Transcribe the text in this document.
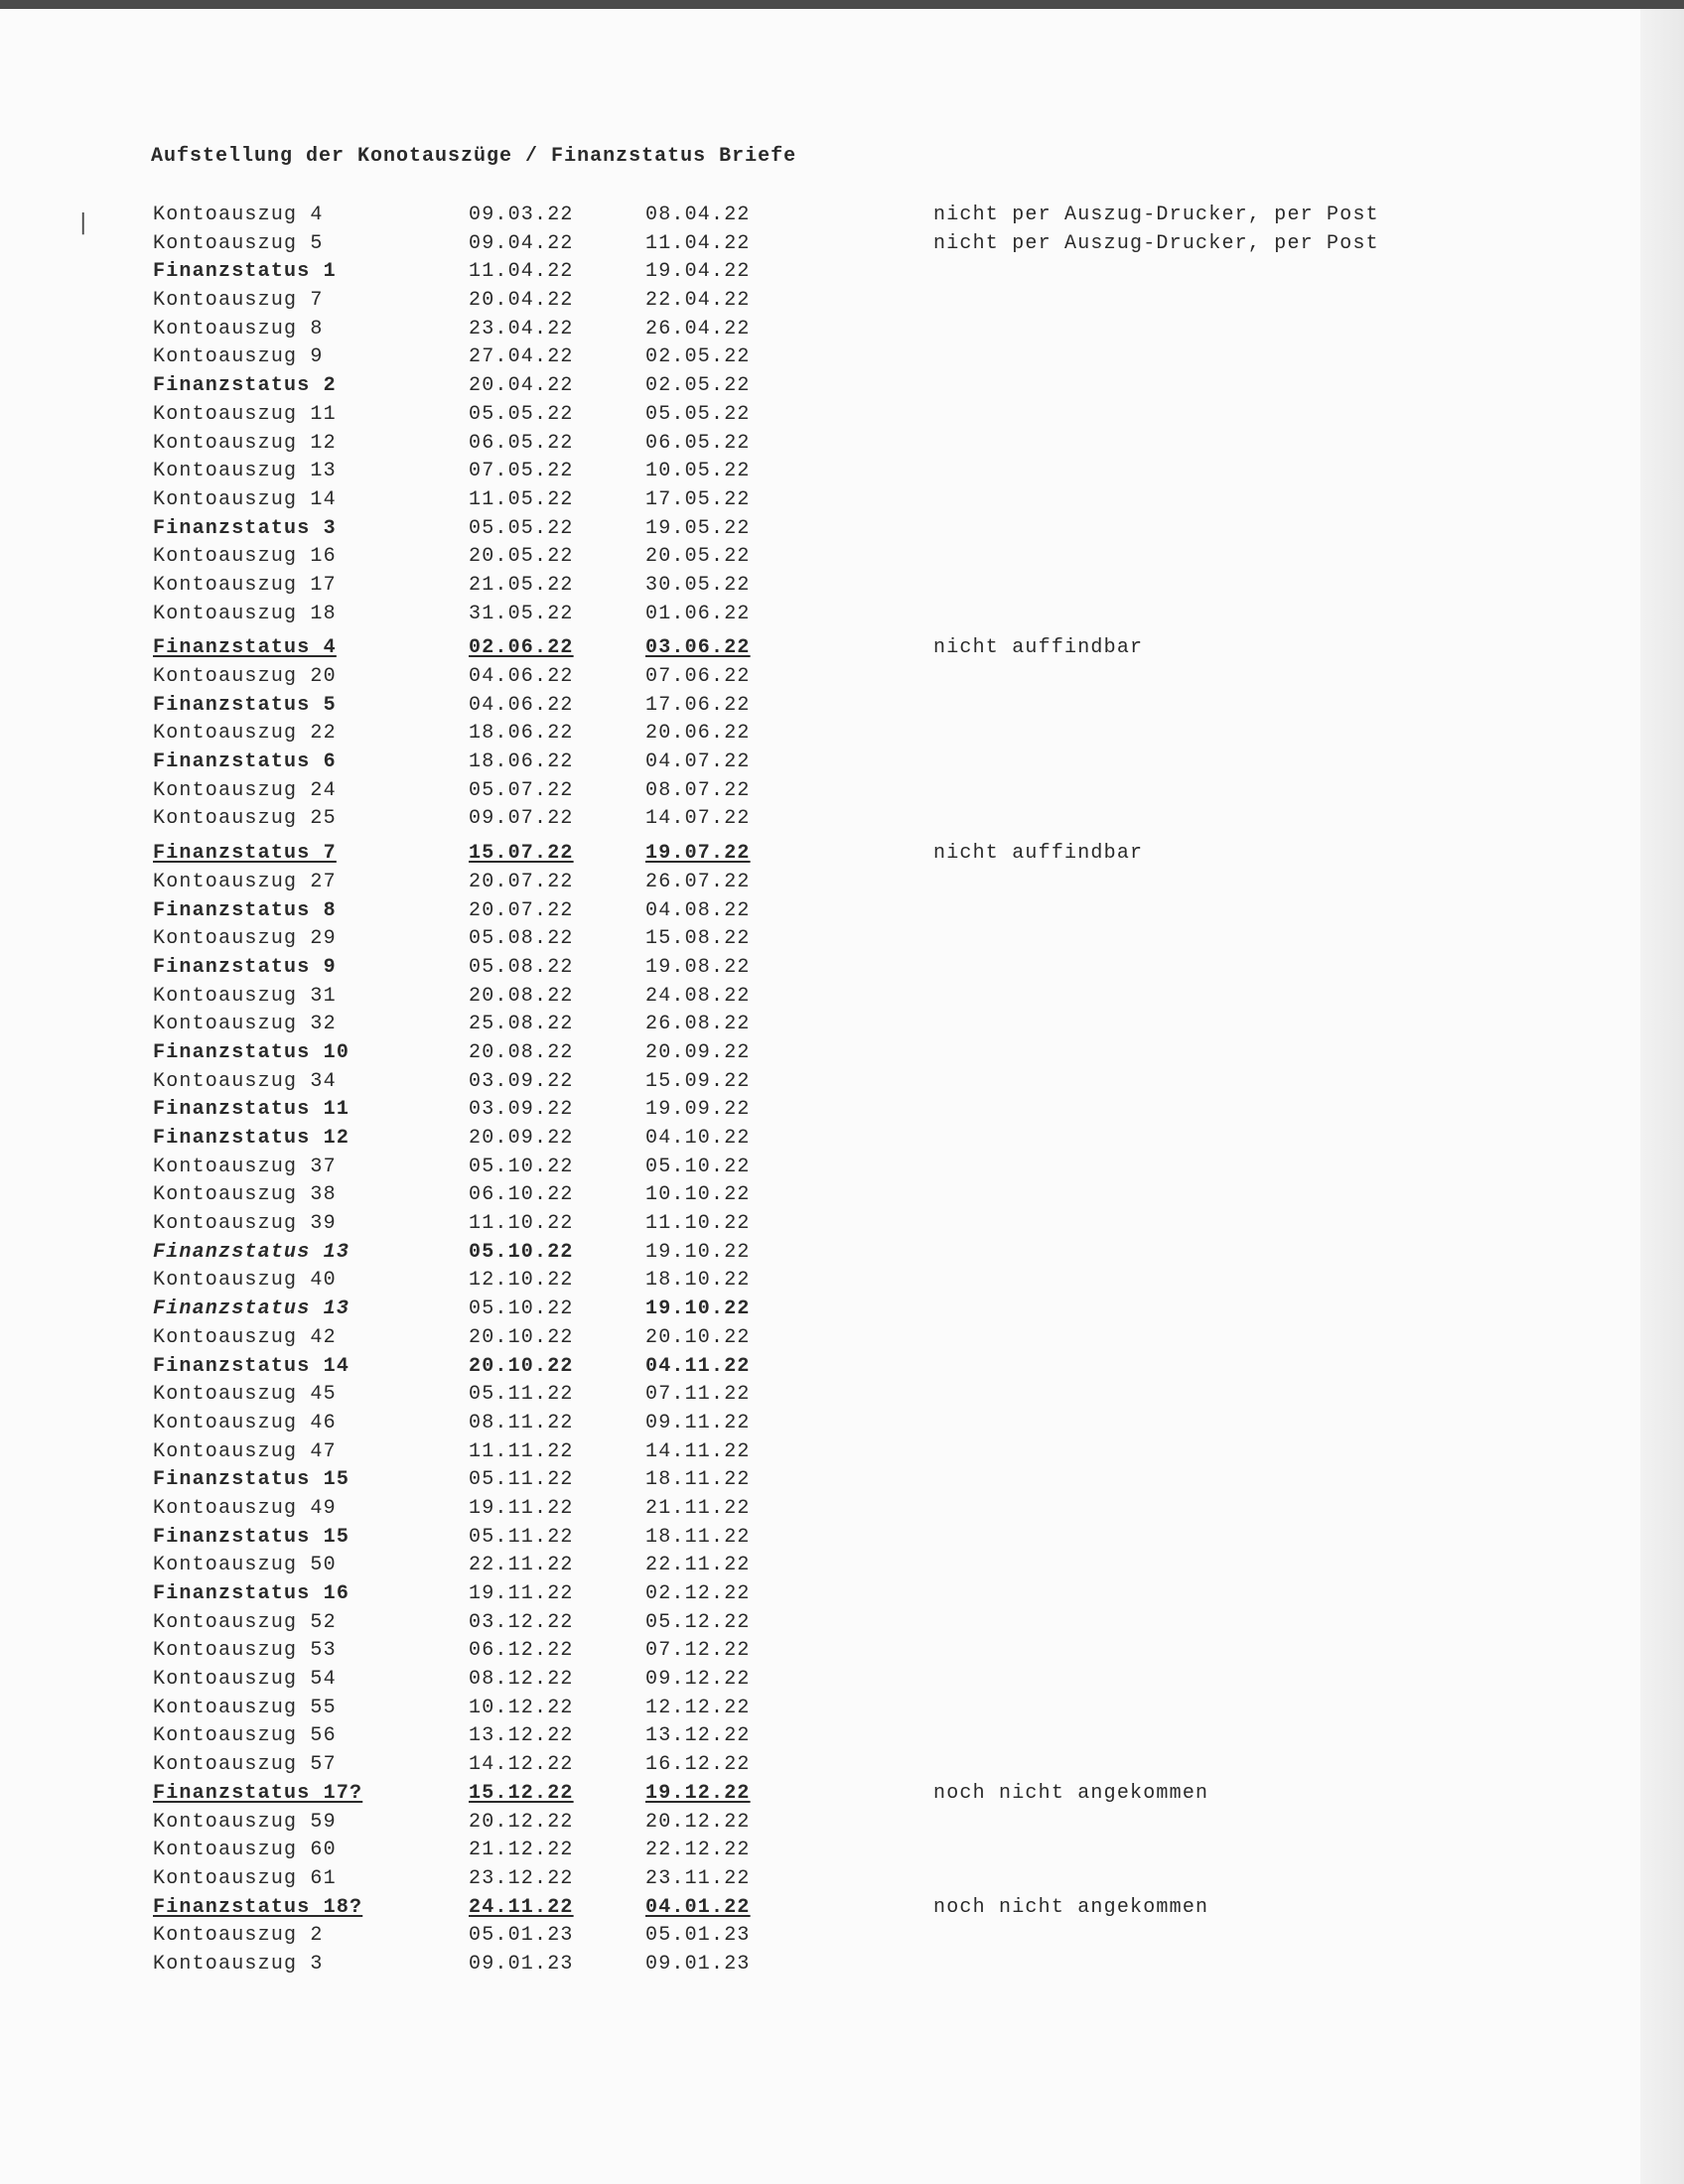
Aufstellung der Konotauszüge / Finanzstatus Briefe
Kontoauszug 4	09.03.22	08.04.22	nicht per Auszug-Drucker, per Post
Kontoauszug 5	09.04.22	11.04.22	nicht per Auszug-Drucker, per Post
Finanzstatus 1	11.04.22	19.04.22
Kontoauszug 7	20.04.22	22.04.22
Kontoauszug 8	23.04.22	26.04.22
Kontoauszug 9	27.04.22	02.05.22
Finanzstatus 2	20.04.22	02.05.22
Kontoauszug 11	05.05.22	05.05.22
Kontoauszug 12	06.05.22	06.05.22
Kontoauszug 13	07.05.22	10.05.22
Kontoauszug 14	11.05.22	17.05.22
Finanzstatus 3	05.05.22	19.05.22
Kontoauszug 16	20.05.22	20.05.22
Kontoauszug 17	21.05.22	30.05.22
Kontoauszug 18	31.05.22	01.06.22
Finanzstatus 4	02.06.22	03.06.22	nicht auffindbar
Kontoauszug 20	04.06.22	07.06.22
Finanzstatus 5	04.06.22	17.06.22
Kontoauszug 22	18.06.22	20.06.22
Finanzstatus 6	18.06.22	04.07.22
Kontoauszug 24	05.07.22	08.07.22
Kontoauszug 25	09.07.22	14.07.22
Finanzstatus 7	15.07.22	19.07.22	nicht auffindbar
Kontoauszug 27	20.07.22	26.07.22
Finanzstatus 8	20.07.22	04.08.22
Kontoauszug 29	05.08.22	15.08.22
Finanzstatus 9	05.08.22	19.08.22
Kontoauszug 31	20.08.22	24.08.22
Kontoauszug 32	25.08.22	26.08.22
Finanzstatus 10	20.08.22	20.09.22
Kontoauszug 34	03.09.22	15.09.22
Finanzstatus 11	03.09.22	19.09.22
Finanzstatus 12	20.09.22	04.10.22
Kontoauszug 37	05.10.22	05.10.22
Kontoauszug 38	06.10.22	10.10.22
Kontoauszug 39	11.10.22	11.10.22
Finanzstatus 13	05.10.22	19.10.22
Kontoauszug 40	12.10.22	18.10.22
Finanzstatus 13	05.10.22	19.10.22
Kontoauszug 42	20.10.22	20.10.22
Finanzstatus 14	20.10.22	04.11.22
Kontoauszug 45	05.11.22	07.11.22
Kontoauszug 46	08.11.22	09.11.22
Kontoauszug 47	11.11.22	14.11.22
Finanzstatus 15	05.11.22	18.11.22
Kontoauszug 49	19.11.22	21.11.22
Finanzstatus 15	05.11.22	18.11.22
Kontoauszug 50	22.11.22	22.11.22
Finanzstatus 16	19.11.22	02.12.22
Kontoauszug 52	03.12.22	05.12.22
Kontoauszug 53	06.12.22	07.12.22
Kontoauszug 54	08.12.22	09.12.22
Kontoauszug 55	10.12.22	12.12.22
Kontoauszug 56	13.12.22	13.12.22
Kontoauszug 57	14.12.22	16.12.22
Finanzstatus 17?	15.12.22	19.12.22	noch nicht angekommen
Kontoauszug 59	20.12.22	20.12.22
Kontoauszug 60	21.12.22	22.12.22
Kontoauszug 61	23.12.22	23.11.22
Finanzstatus 18?	24.11.22	04.01.22	noch nicht angekommen
Kontoauszug 2	05.01.23	05.01.23
Kontoauszug 3	09.01.23	09.01.23
|
